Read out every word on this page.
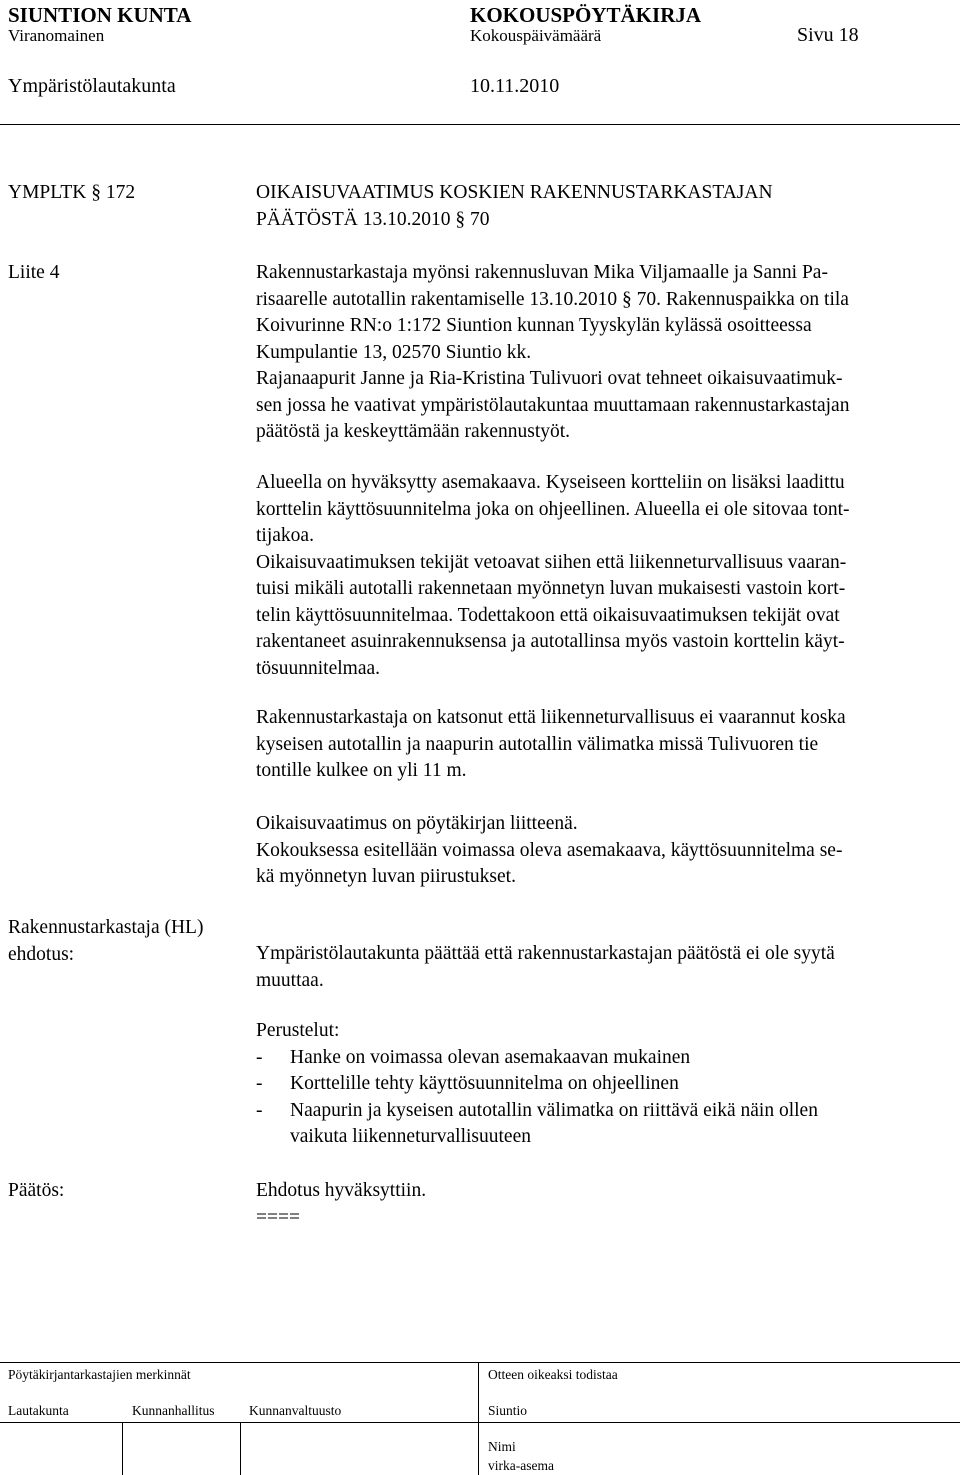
SIUNTION KUNTA	KOKOUSPÖYTÄKIRJA
Viranomainen	Kokouspäivämäärä	Sivu 18
Ympäristölautakunta	10.11.2010
YMPLTK § 172	OIKAISUVAATIMUS KOSKIEN RAKENNUSTARKASTAJAN
PÄÄTÖSTÄ 13.10.2010 § 70
Liite 4	Rakennustarkastaja myönsi rakennusluvan Mika Viljamaalle ja Sanni Pa-
risaarelle autotallin rakentamiselle 13.10.2010 § 70. Rakennuspaikka on tila
Koivurinne RN:o 1:172 Siuntion kunnan Tyyskylän kylässä osoitteessa
Kumpulantie 13, 02570 Siuntio kk.
Rajanaapurit Janne ja Ria-Kristina Tulivuori ovat tehneet oikaisuvaatimuk-
sen jossa he vaativat ympäristölautakuntaa muuttamaan rakennustarkastajan
päätöstä ja keskeyttämään rakennustyöt.
Alueella on hyväksytty asemakaava. Kyseiseen kortteliin on lisäksi laadittu
korttelin käyttösuunnitelma joka on ohjeellinen. Alueella ei ole sitovaa tont-
tijakoa.
Oikaisuvaatimuksen tekijät vetoavat siihen että liikenneturvallisuus vaaran-
tuisi mikäli autotalli rakennetaan myönnetyn luvan mukaisesti vastoin kort-
telin käyttösuunnitelmaa. Todettakoon että oikaisuvaatimuksen tekijät ovat
rakentaneet asuinrakennuksensa ja autotallinsa myös vastoin korttelin käyt-
tösuunnitelmaa.
Rakennustarkastaja on katsonut että liikenneturvallisuus ei vaarannut koska
kyseisen autotallin ja naapurin autotallin välimatka missä Tulivuoren tie
tontille kulkee on yli 11 m.
Oikaisuvaatimus on pöytäkirjan liitteenä.
Kokouksessa esitellään voimassa oleva asemakaava, käyttösuunnitelma se-
kä myönnetyn luvan piirustukset.
Rakennustarkastaja (HL)
ehdotus:	Ympäristölautakunta päättää että rakennustarkastajan päätöstä ei ole syytä
muuttaa.
Perustelut:
- Hanke on voimassa olevan asemakaavan mukainen
- Korttelille tehty käyttösuunnitelma on ohjeellinen
- Naapurin ja kyseisen autotallin välimatka on riittävä eikä näin ollen
vaikuta liikenneturvallisuuteen
Päätös:	Ehdotus hyväksyttiin.
====
Pöytäkirjantarkastajien merkinnät	Otteen oikeaksi todistaa
Lautakunta	Kunnanhallitus	Kunnanvaltuusto	Siuntio
Nimi
virka-asema
